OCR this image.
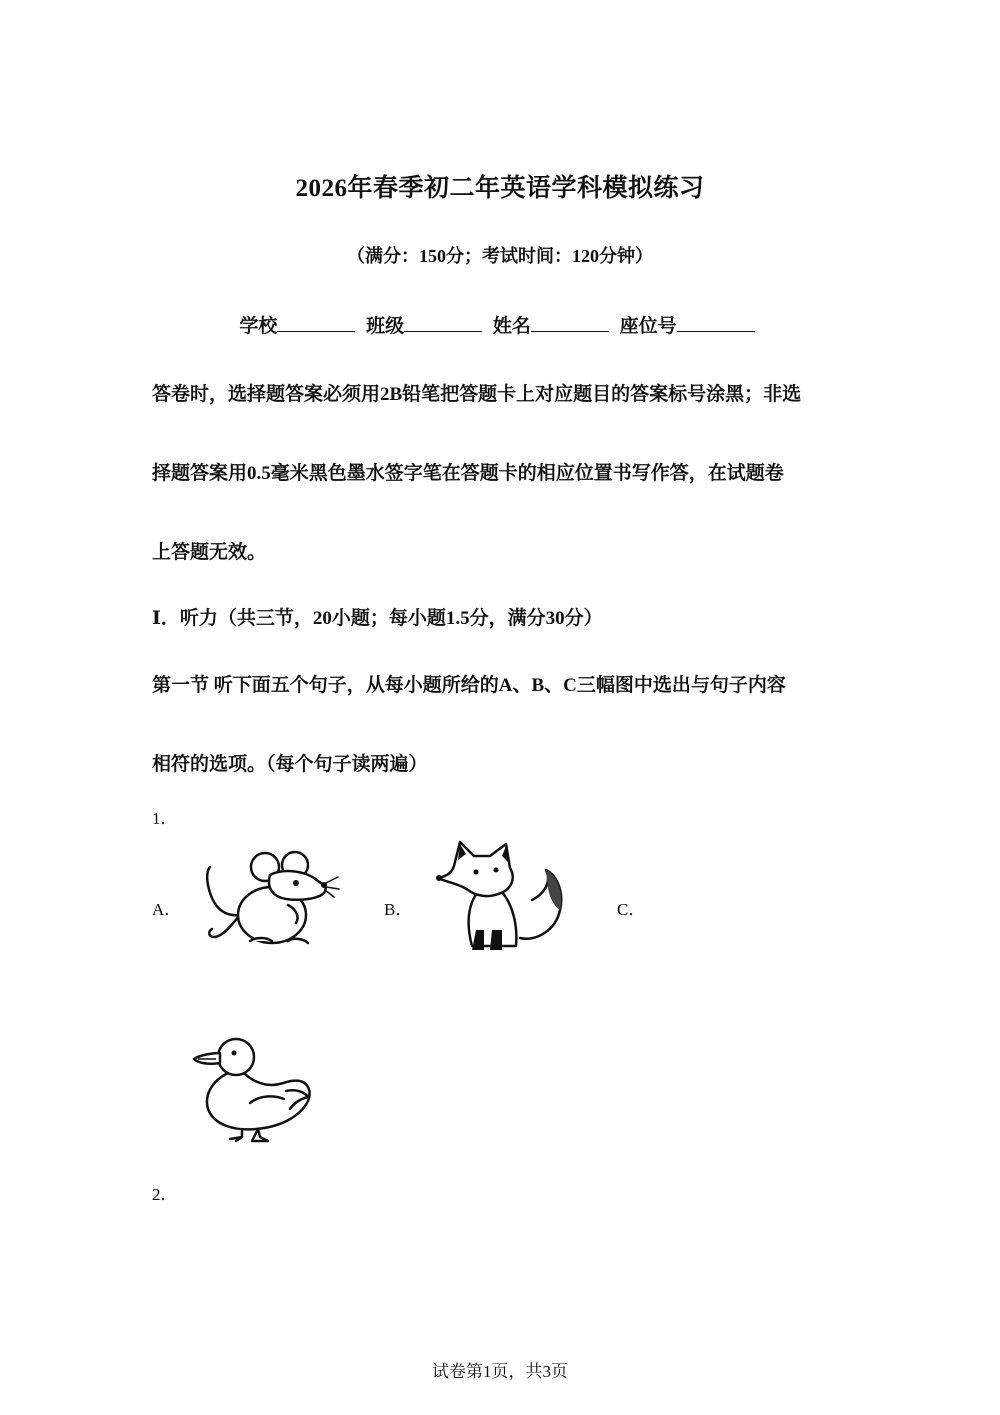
2026年春季初二年英语学科模拟练习
（满分：150分；考试时间：120分钟）
学校	班级	姓名	座位号
答卷时，选择题答案必须用2B铅笔把答题卡上对应题目的答案标号涂黑；非选
择题答案用0.5毫米黑色墨水签字笔在答题卡的相应位置书写作答，在试题卷
上答题无效。
Ⅰ．听力（共三节，20小题；每小题1.5分，满分30分）
第一节 听下面五个句子，从每小题所给的A、B、C三幅图中选出与句子内容
相符的选项。（每个句子读两遍）
1．
A．	B．	C．
2．
试卷第1页，共3页
